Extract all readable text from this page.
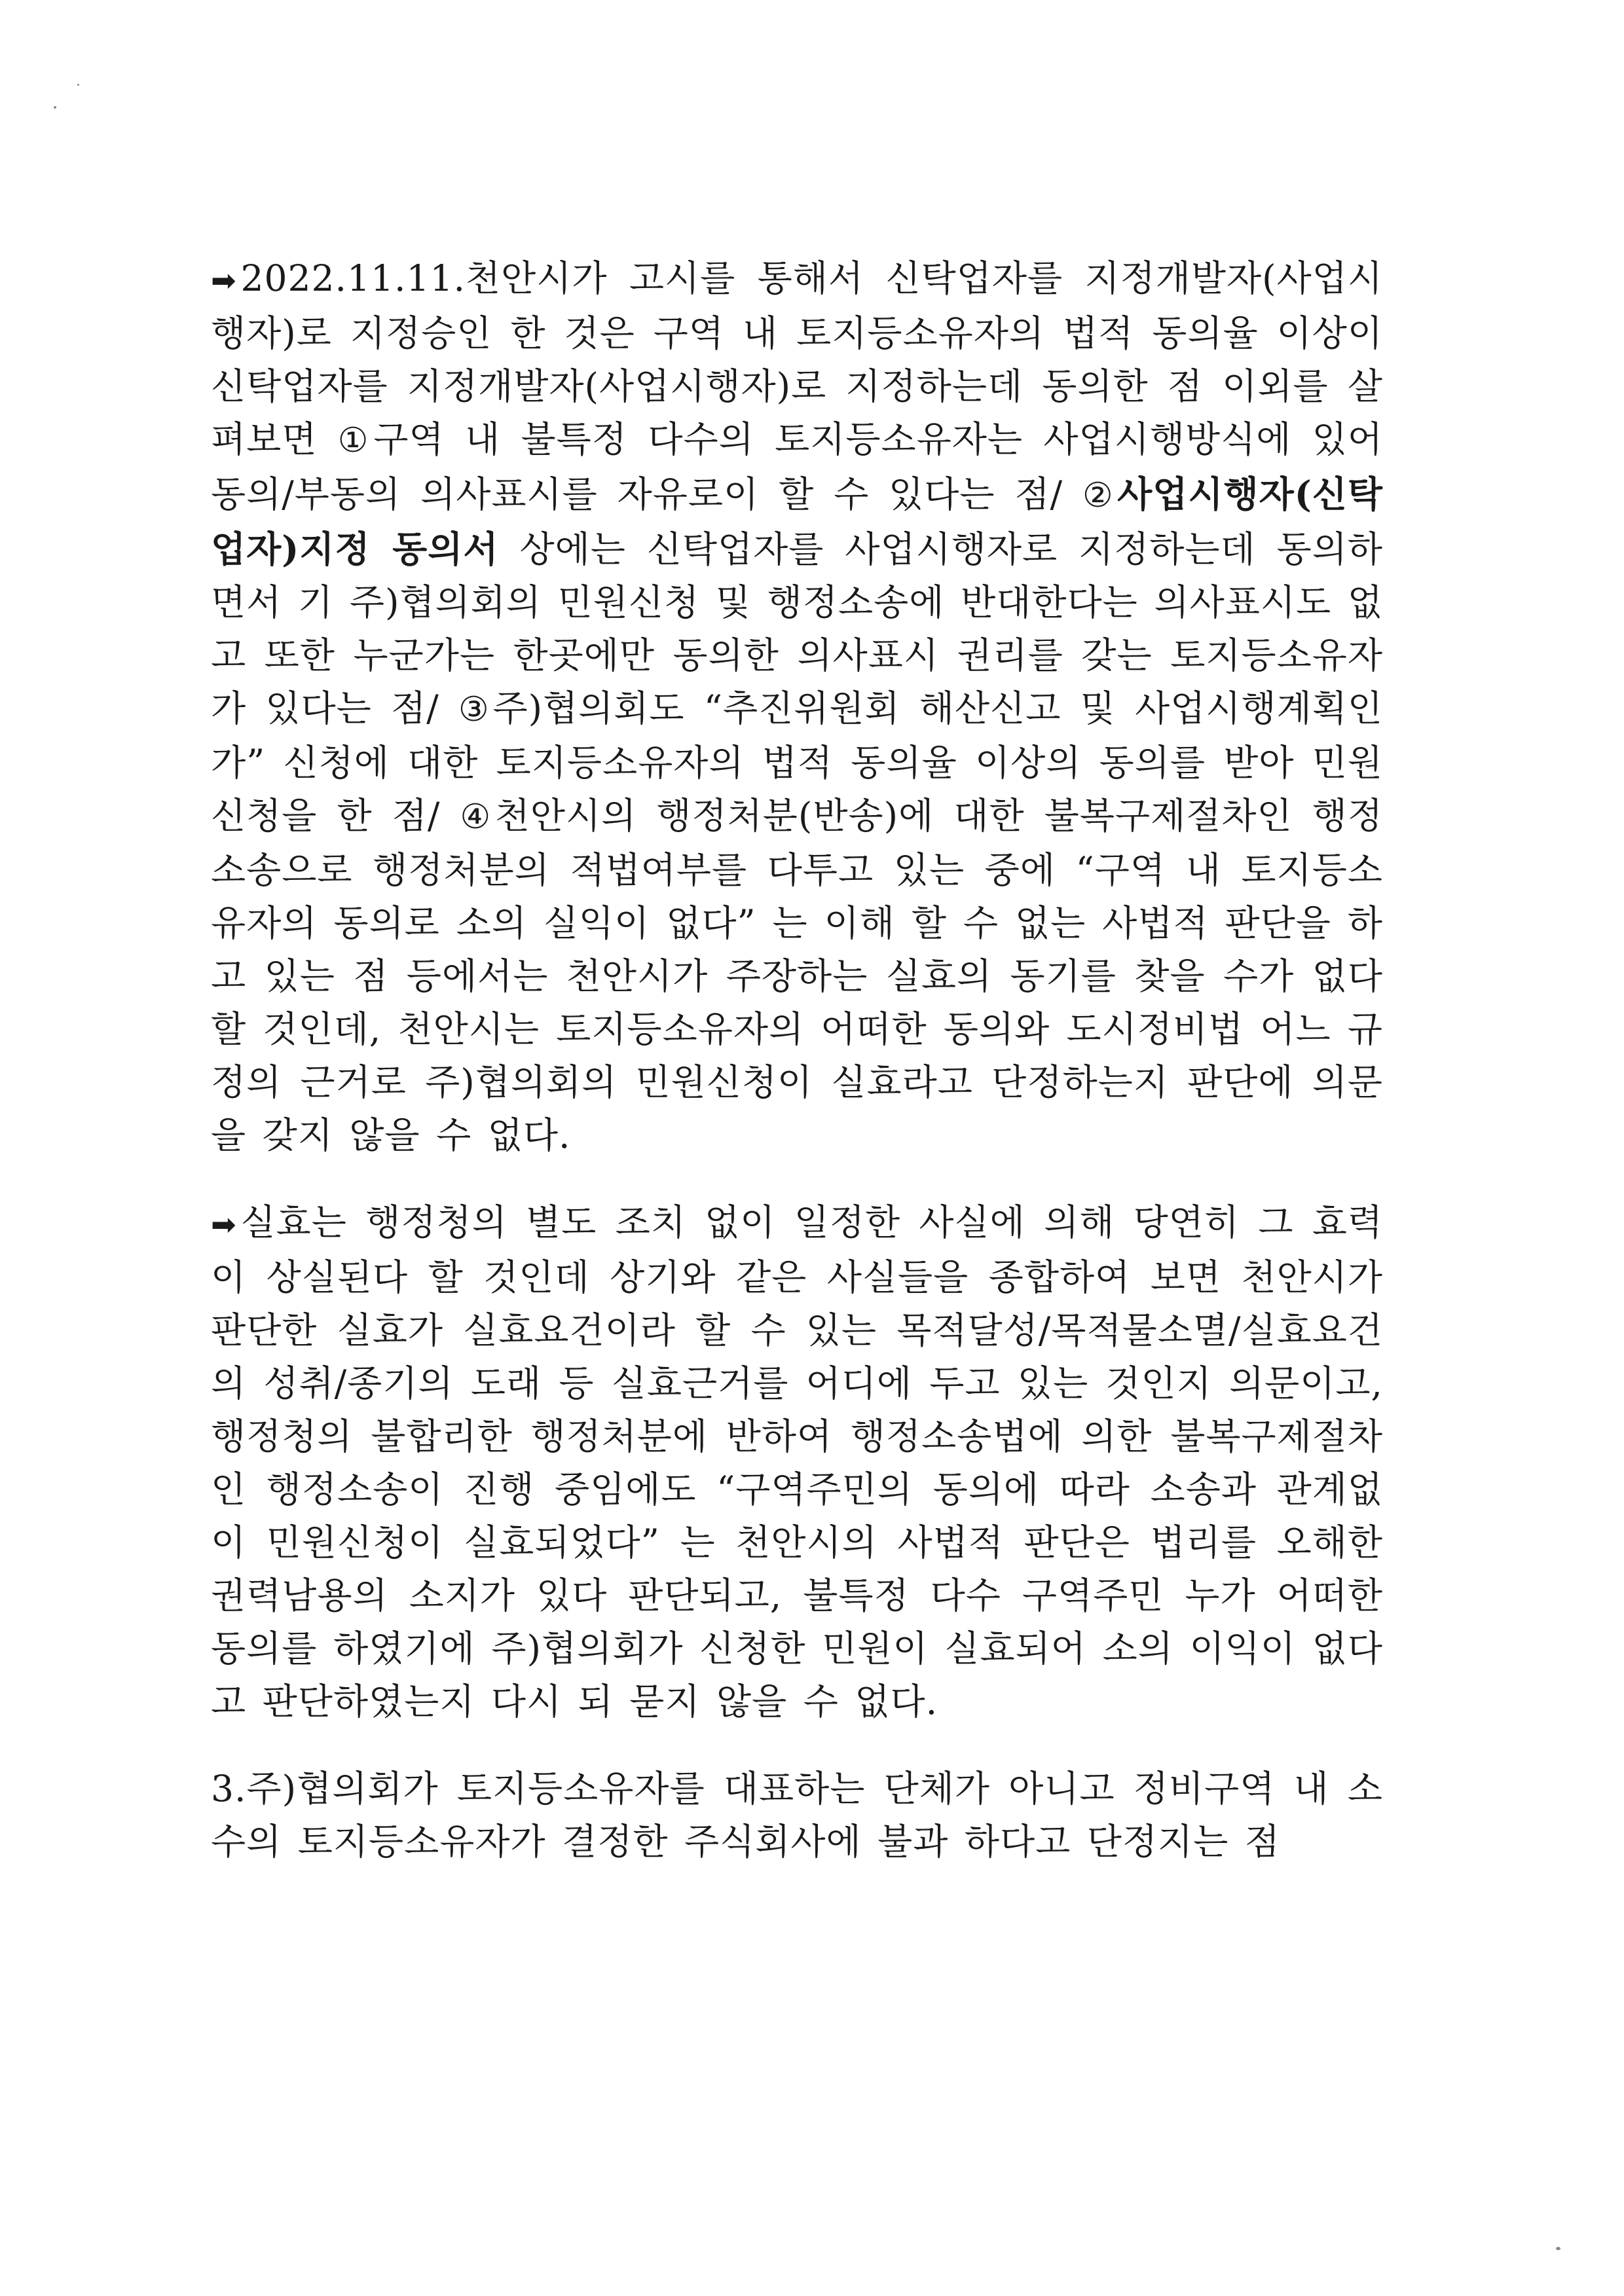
➡ 2022.11.11.천안시가 고시를 통해서 신탁업자를 지정개발자(사업시행자)로 지정승인 한 것은 구역 내 토지등소유자의 법적 동의율 이상이 신탁업자를 지정개발자(사업시행자)로 지정하는데 동의한 점 이외를 살펴보면 ①구역 내 불특정 다수의 토지등소유자는 사업시행방식에 있어 동의/부동의 의사표시를 자유로이 할 수 있다는 점/ ②사업시행자(신탁업자)지정 동의서 상에는 신탁업자를 사업시행자로 지정하는데 동의하면서 기 주)협의회의 민원신청 및 행정소송에 반대한다는 의사표시도 없고 또한 누군가는 한곳에만 동의한 의사표시 권리를 갖는 토지등소유자가 있다는 점/ ③주)협의회도 “추진위원회 해산신고 및 사업시행계획인가” 신청에 대한 토지등소유자의 법적 동의율 이상의 동의를 받아 민원신청을 한 점/ ④천안시의 행정처분(반송)에 대한 불복구제절차인 행정소송으로 행정처분의 적법여부를 다투고 있는 중에 “구역 내 토지등소유자의 동의로 소의 실익이 없다” 는 이해 할 수 없는 사법적 판단을 하고 있는 점 등에서는 천안시가 주장하는 실효의 동기를 찾을 수가 없다 할 것인데, 천안시는 토지등소유자의 어떠한 동의와 도시정비법 어느 규정의 근거로 주)협의회의 민원신청이 실효라고 단정하는지 판단에 의문을 갖지 않을 수 없다.

➡ 실효는 행정청의 별도 조치 없이 일정한 사실에 의해 당연히 그 효력이 상실된다 할 것인데 상기와 같은 사실들을 종합하여 보면 천안시가 판단한 실효가 실효요건이라 할 수 있는 목적달성/목적물소멸/실효요건의 성취/종기의 도래 등 실효근거를 어디에 두고 있는 것인지 의문이고, 행정청의 불합리한 행정처분에 반하여 행정소송법에 의한 불복구제절차인 행정소송이 진행 중임에도 “구역주민의 동의에 따라 소송과 관계없이 민원신청이 실효되었다” 는 천안시의 사법적 판단은 법리를 오해한 권력남용의 소지가 있다 판단되고, 불특정 다수 구역주민 누가 어떠한 동의를 하였기에 주)협의회가 신청한 민원이 실효되어 소의 이익이 없다고 판단하였는지 다시 되 묻지 않을 수 없다.

3.주)협의회가 토지등소유자를 대표하는 단체가 아니고 정비구역 내 소수의 토지등소유자가 결정한 주식회사에 불과 하다고 단정지는 점
